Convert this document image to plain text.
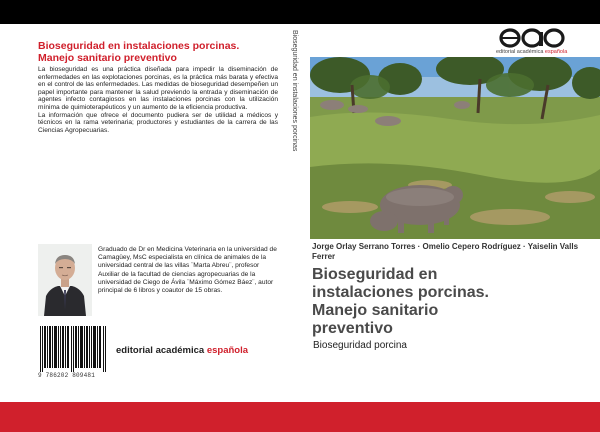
Bioseguridad en instalaciones porcinas.
Manejo sanitario preventivo

La bioseguridad es una práctica diseñada para impedir la diseminación de enfermedades en las explotaciones porcinas, es la práctica más barata y efectiva en el control de las enfermedades. Las medidas de bioseguridad desempeñen un papel importante para mantener la salud previendo la entrada y diseminación de agentes infecto contagiosos en las instalaciones porcinas con la utilización mínima de quimioterapéuticos y un aumento de la eficiencia productiva.

La información que ofrece el documento pudiera ser de utilidad a médicos y técnicos en la rama veterinaria; productores y estudiantes de la carrera de las Ciencias Agropecuarias.

Graduado de Dr en Medicina Veterinaria en la universidad de Camagüey, MsC especialista en clínica de animales de la universidad central de las villas ¨Marta Abreu¨, profesor Auxiliar de la facultad de ciencias agropecuarias de la universidad de Ciego de Ávila ¨Máximo Gómez Báez¨, autor principal de 6 libros y coautor de 15 obras.
9 786202 809481
editorial académica española
Bioseguridad en instalaciones porcinas	editorial académica española
Jorge Orlay Serrano Torres · Omelio Cepero Rodríguez · Yaiselin Valls Ferrer
Bioseguridad en
instalaciones porcinas.
Manejo sanitario
preventivo
Bioseguridad porcina
